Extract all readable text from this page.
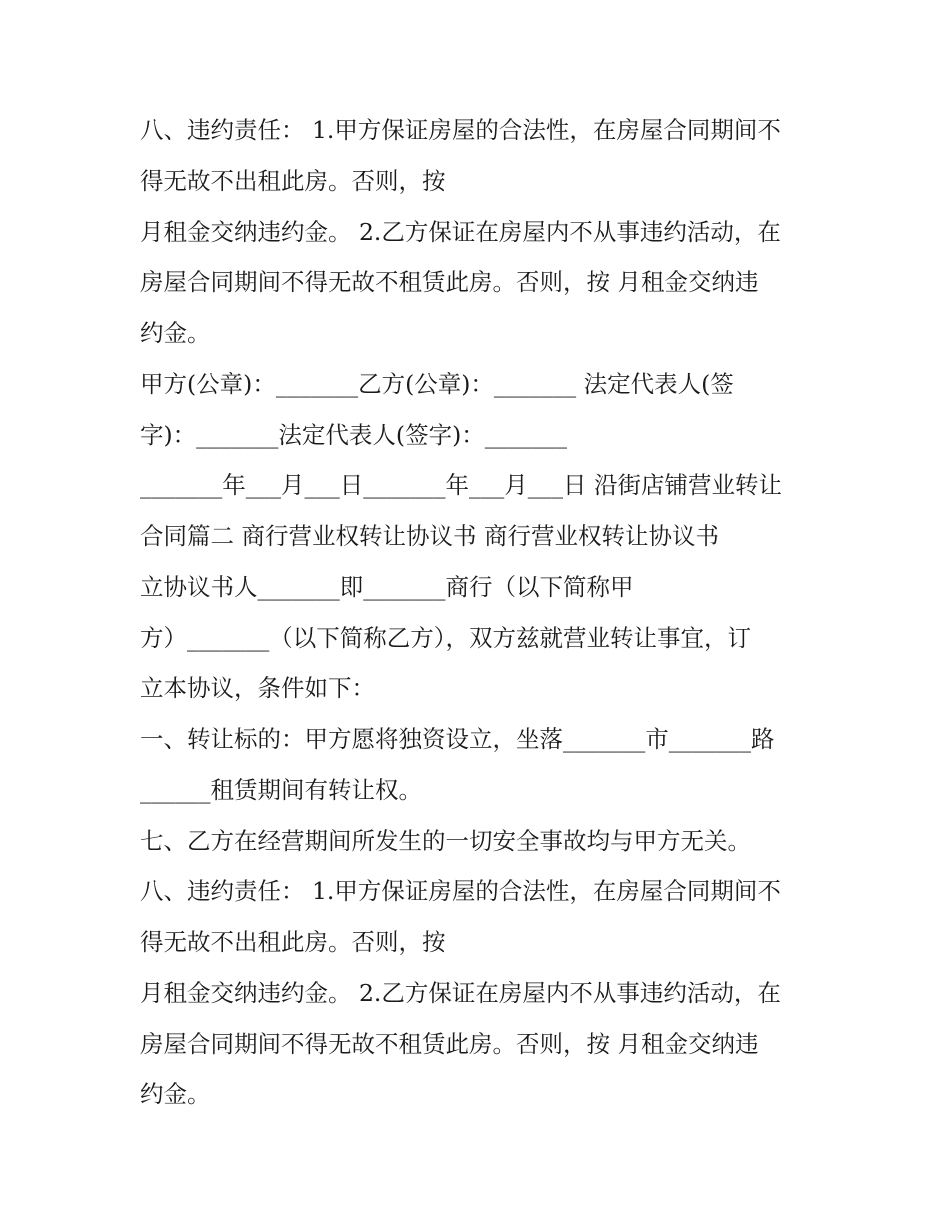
八、违约责任： 1.甲方保证房屋的合法性，在房屋合同期间不
得无故不出租此房。否则，按
月租金交纳违约金。 2.乙方保证在房屋内不从事违约活动，在
房屋合同期间不得无故不租赁此房。否则，按 月租金交纳违
约金。
甲方(公章)：_______乙方(公章)：_______ 法定代表人(签
字)：_______法定代表人(签字)：_______
_______年___月___日_______年___月___日 沿街店铺营业转让
合同篇二 商行营业权转让协议书 商行营业权转让协议书
立协议书人_______即_______商行（以下简称甲
方）_______（以下简称乙方），双方兹就营业转让事宜，订
立本协议，条件如下：
一、转让标的：甲方愿将独资设立，坐落_______市_______路
______租赁期间有转让权。
七、乙方在经营期间所发生的一切安全事故均与甲方无关。
八、违约责任： 1.甲方保证房屋的合法性，在房屋合同期间不
得无故不出租此房。否则，按
月租金交纳违约金。 2.乙方保证在房屋内不从事违约活动，在
房屋合同期间不得无故不租赁此房。否则，按 月租金交纳违
约金。
